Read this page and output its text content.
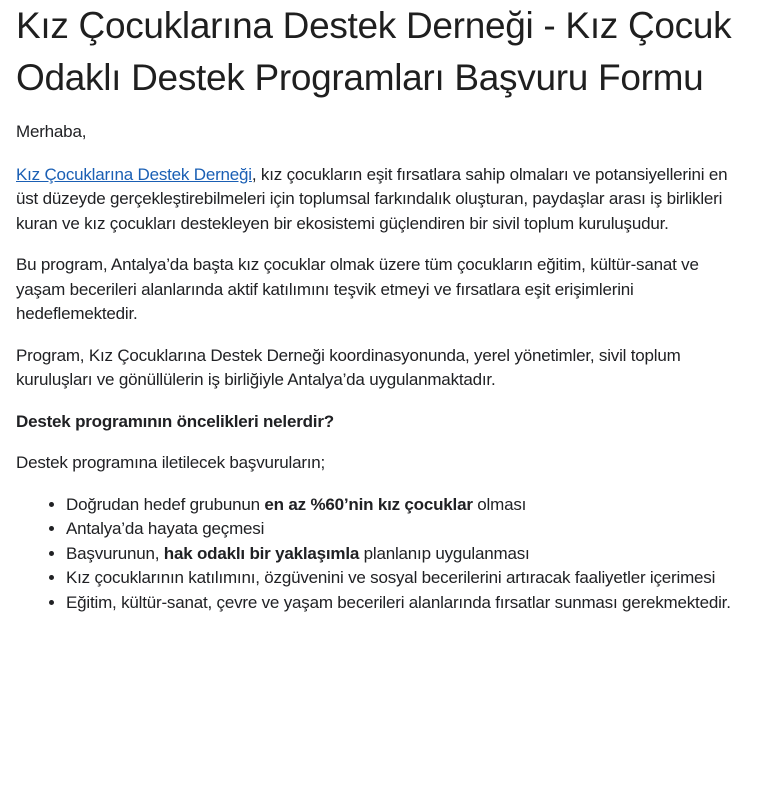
Kız Çocuklarına Destek Derneği - Kız Çocuk Odaklı Destek Programları Başvuru Formu

Merhaba,

Kız Çocuklarına Destek Derneği, kız çocukların eşit fırsatlara sahip olmaları ve potansiyellerini en üst düzeyde gerçekleştirebilmeleri için toplumsal farkındalık oluşturan, paydaşlar arası iş birlikleri kuran ve kız çocukları destekleyen bir ekosistemi güçlendiren bir sivil toplum kuruluşudur.

Bu program, Antalya’da başta kız çocuklar olmak üzere tüm çocukların eğitim, kültür-sanat ve yaşam becerileri alanlarında aktif katılımını teşvik etmeyi ve fırsatlara eşit erişimlerini hedeflemektedir.

Program, Kız Çocuklarına Destek Derneği koordinasyonunda, yerel yönetimler, sivil toplum kuruluşları ve gönüllülerin iş birliğiyle Antalya’da uygulanmaktadır.

Destek programının öncelikleri nelerdir?

Destek programına iletilecek başvuruların;

• Doğrudan hedef grubunun en az %60’nin kız çocuklar olması
• Antalya’da hayata geçmesi
• Başvurunun, hak odaklı bir yaklaşımla planlanıp uygulanması
• Kız çocuklarının katılımını, özgüvenini ve sosyal becerilerini artıracak faaliyetler içerimesi
• Eğitim, kültür-sanat, çevre ve yaşam becerileri alanlarında fırsatlar sunması gerekmektedir.
